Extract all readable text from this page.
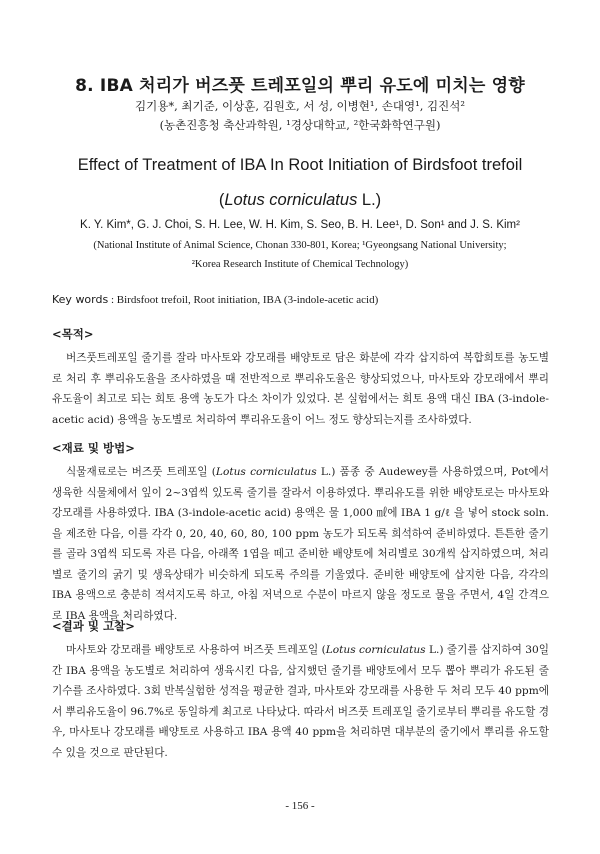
8. IBA 처리가 버즈풋 트레포일의 뿌리 유도에 미치는 영향
김기용*, 최기준, 이상훈, 김원호, 서 성, 이병현¹, 손대영¹, 김진석²
(농촌진흥청 축산과학원, ¹경상대학교, ²한국화학연구원)
Effect of Treatment of IBA In Root Initiation of Birdsfoot trefoil
(Lotus corniculatus L.)
K. Y. Kim*, G. J. Choi, S. H. Lee, W. H. Kim, S. Seo, B. H. Lee¹, D. Son¹ and J. S. Kim²
(National Institute of Animal Science, Chonan 330-801, Korea; ¹Gyeongsang National University;
²Korea Research Institute of Chemical Technology)
Key words : Birdsfoot trefoil, Root initiation, IBA (3-indole-acetic acid)
<목적>

버즈풋트레포일 줄기를 잘라 마사토와 강모래를 배양토로 담은 화분에 각각 삽지하여 복합희토를 농도별로 처리 후 뿌리유도율을 조사하였을 때 전반적으로 뿌리유도율은 향상되었으나, 마사토와 강모래에서 뿌리유도율이 최고로 되는 희토 용액 농도가 다소 차이가 있었다. 본 실험에서는 희토 용액 대신 IBA (3-indole-acetic acid) 용액을 농도별로 처리하여 뿌리유도율이 어느 정도 향상되는지를 조사하였다.

<재료 및 방법>

식물재료로는 버즈풋 트레포일 (Lotus corniculatus L.) 품종 중 Audewey를 사용하였으며, Pot에서 생육한 식물체에서 잎이 2~3엽씩 있도록 줄기를 잘라서 이용하였다. 뿌리유도를 위한 배양토로는 마사토와 강모래를 사용하였다. IBA (3-indole-acetic acid) 용액은 물 1,000 ㎖에 IBA 1 g/ℓ 을 넣어 stock soln.을 제조한 다음, 이를 각각 0, 20, 40, 60, 80, 100 ppm 농도가 되도록 희석하여 준비하였다. 튼튼한 줄기를 골라 3엽씩 되도록 자른 다음, 아래쪽 1엽을 떼고 준비한 배양토에 처리별로 30개씩 삽지하였으며, 처리별로 줄기의 굵기 및 생육상태가 비슷하게 되도록 주의를 기울였다. 준비한 배양토에 삽지한 다음, 각각의 IBA 용액으로 충분히 적셔지도록 하고, 아침 저녁으로 수분이 마르지 않을 정도로 물을 주면서, 4일 간격으로 IBA 용액을 처리하였다.

<결과 및 고찰>

마사토와 강모래를 배양토로 사용하여 버즈풋 트레포일 (Lotus corniculatus L.) 줄기를 삽지하여 30일간 IBA 용액을 농도별로 처리하여 생육시킨 다음, 삽지했던 줄기를 배양토에서 모두 뽑아 뿌리가 유도된 줄기수를 조사하였다. 3회 반복실험한 성적을 평균한 결과, 마사토와 강모래를 사용한 두 처리 모두 40 ppm에서 뿌리유도율이 96.7%로 동일하게 최고로 나타났다. 따라서 버즈풋 트레포일 줄기로부터 뿌리를 유도할 경우, 마사토나 강모래를 배양토로 사용하고 IBA 용액 40 ppm을 처리하면 대부분의 줄기에서 뿌리를 유도할 수 있을 것으로 판단된다.

- 156 -
